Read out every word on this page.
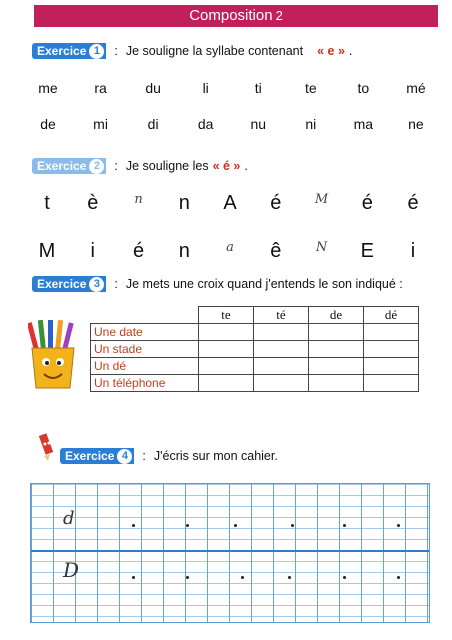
Composition 2
Exercice 1	: Je souligne la syllabe contenant « e » .
me	ra	du	li	ti	te	to	mé
de	mi	di	da	nu	ni	ma	ne
Exercice 2	: Je souligne les « é » .
t	è	n	n	A	é	M	é	é
M	i	é	n	a	ê	N	E	i
Exercice 3	: Je mets une croix quand j'entends le son indiqué :
	te	té	de	dé
Une date				
Un stade				
Un dé				
Un téléphone				
Exercice 4	: J'écris sur mon cahier.
d
D
